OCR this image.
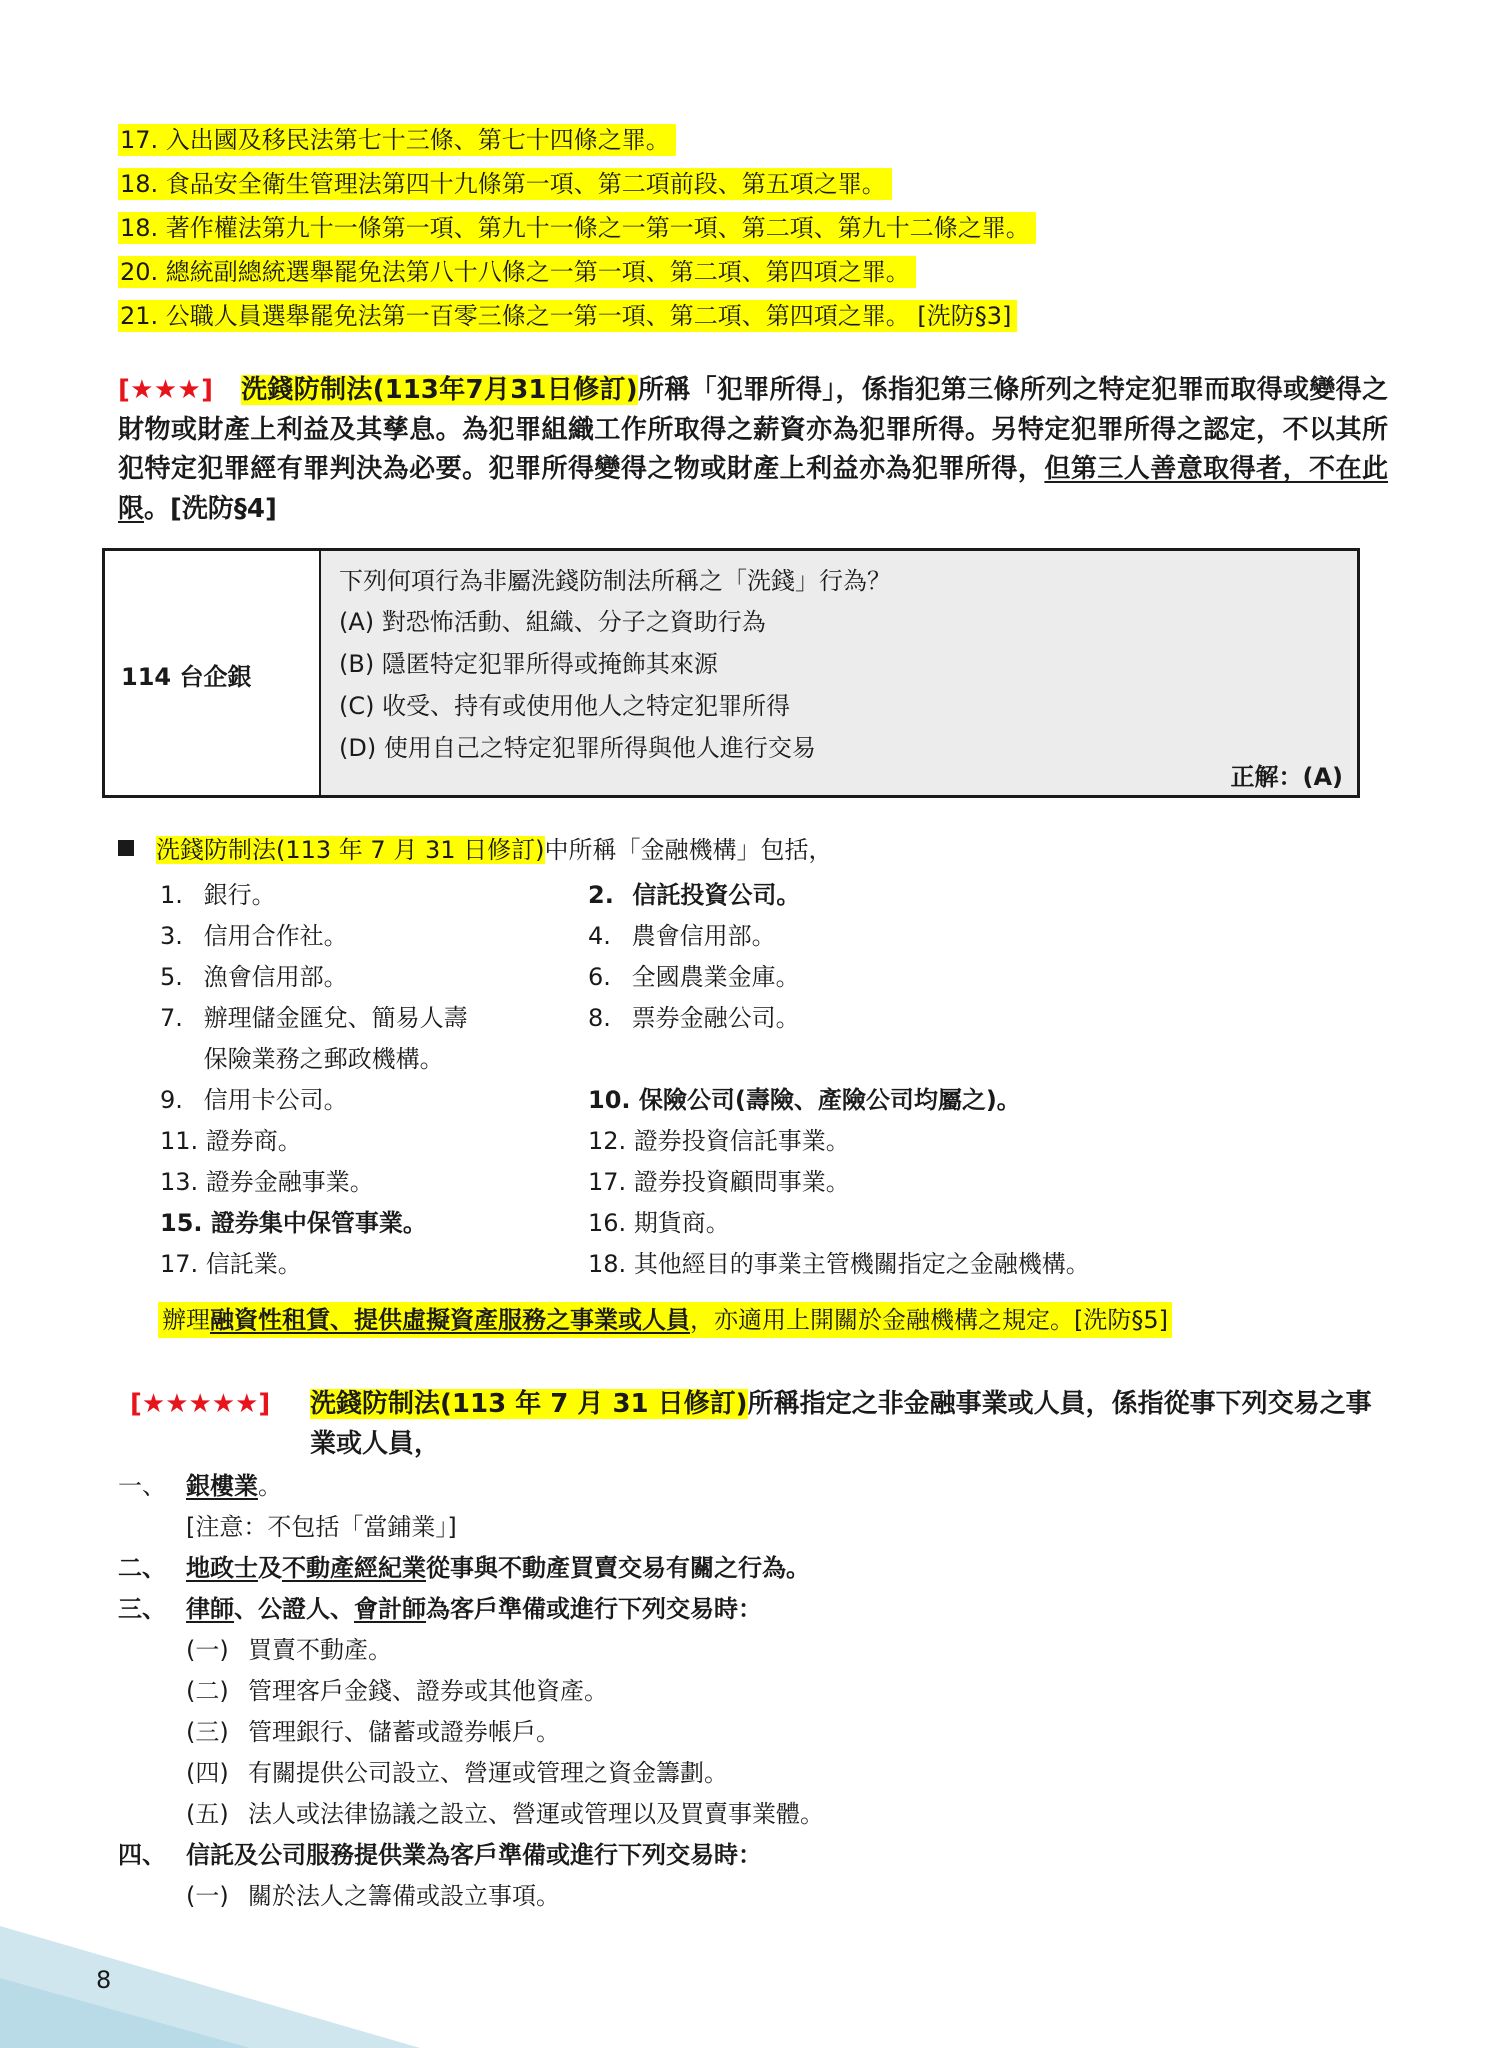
17. 入出國及移民法第七十三條、第七十四條之罪。
18. 食品安全衛生管理法第四十九條第一項、第二項前段、第五項之罪。
18. 著作權法第九十一條第一項、第九十一條之一第一項、第二項、第九十二條之罪。
20. 總統副總統選舉罷免法第八十八條之一第一項、第二項、第四項之罪。
21. 公職人員選舉罷免法第一百零三條之一第一項、第二項、第四項之罪。 [洗防§3]
[★★★] 洗錢防制法(113年7月31日修訂)所稱「犯罪所得」，係指犯第三條所列之特定犯罪而取得或變得之財物或財產上利益及其孳息。為犯罪組織工作所取得之薪資亦為犯罪所得。另特定犯罪所得之認定，不以其所犯特定犯罪經有罪判決為必要。犯罪所得變得之物或財產上利益亦為犯罪所得，但第三人善意取得者，不在此限。[洗防§4]
114 台企銀
下列何項行為非屬洗錢防制法所稱之「洗錢」行為？
(A) 對恐怖活動、組織、分子之資助行為
(B) 隱匿特定犯罪所得或掩飾其來源
(C) 收受、持有或使用他人之特定犯罪所得
(D) 使用自己之特定犯罪所得與他人進行交易
正解：(A)
洗錢防制法(113 年 7 月 31 日修訂)中所稱「金融機構」包括，
1. 銀行。
3. 信用合作社。
5. 漁會信用部。
7. 辦理儲金匯兌、簡易人壽
保險業務之郵政機構。
9. 信用卡公司。
11. 證券商。
13. 證券金融事業。
15. 證券集中保管事業。
17. 信託業。
2. 信託投資公司。
4. 農會信用部。
6. 全國農業金庫。
8. 票券金融公司。
10. 保險公司(壽險、產險公司均屬之)。
12. 證券投資信託事業。
17. 證券投資顧問事業。
16. 期貨商。
18. 其他經目的事業主管機關指定之金融機構。
辦理融資性租賃、提供虛擬資產服務之事業或人員，亦適用上開關於金融機構之規定。[洗防§5]
[★★★★★] 洗錢防制法(113 年 7 月 31 日修訂)所稱指定之非金融事業或人員，係指從事下列交易之事業或人員，
一、 銀樓業。
[注意：不包括「當鋪業」]
二、 地政士及不動產經紀業從事與不動產買賣交易有關之行為。
三、 律師、公證人、會計師為客戶準備或進行下列交易時：
(一) 買賣不動產。
(二) 管理客戶金錢、證券或其他資產。
(三) 管理銀行、儲蓄或證券帳戶。
(四) 有關提供公司設立、營運或管理之資金籌劃。
(五) 法人或法律協議之設立、營運或管理以及買賣事業體。
四、 信託及公司服務提供業為客戶準備或進行下列交易時：
(一) 關於法人之籌備或設立事項。
8
